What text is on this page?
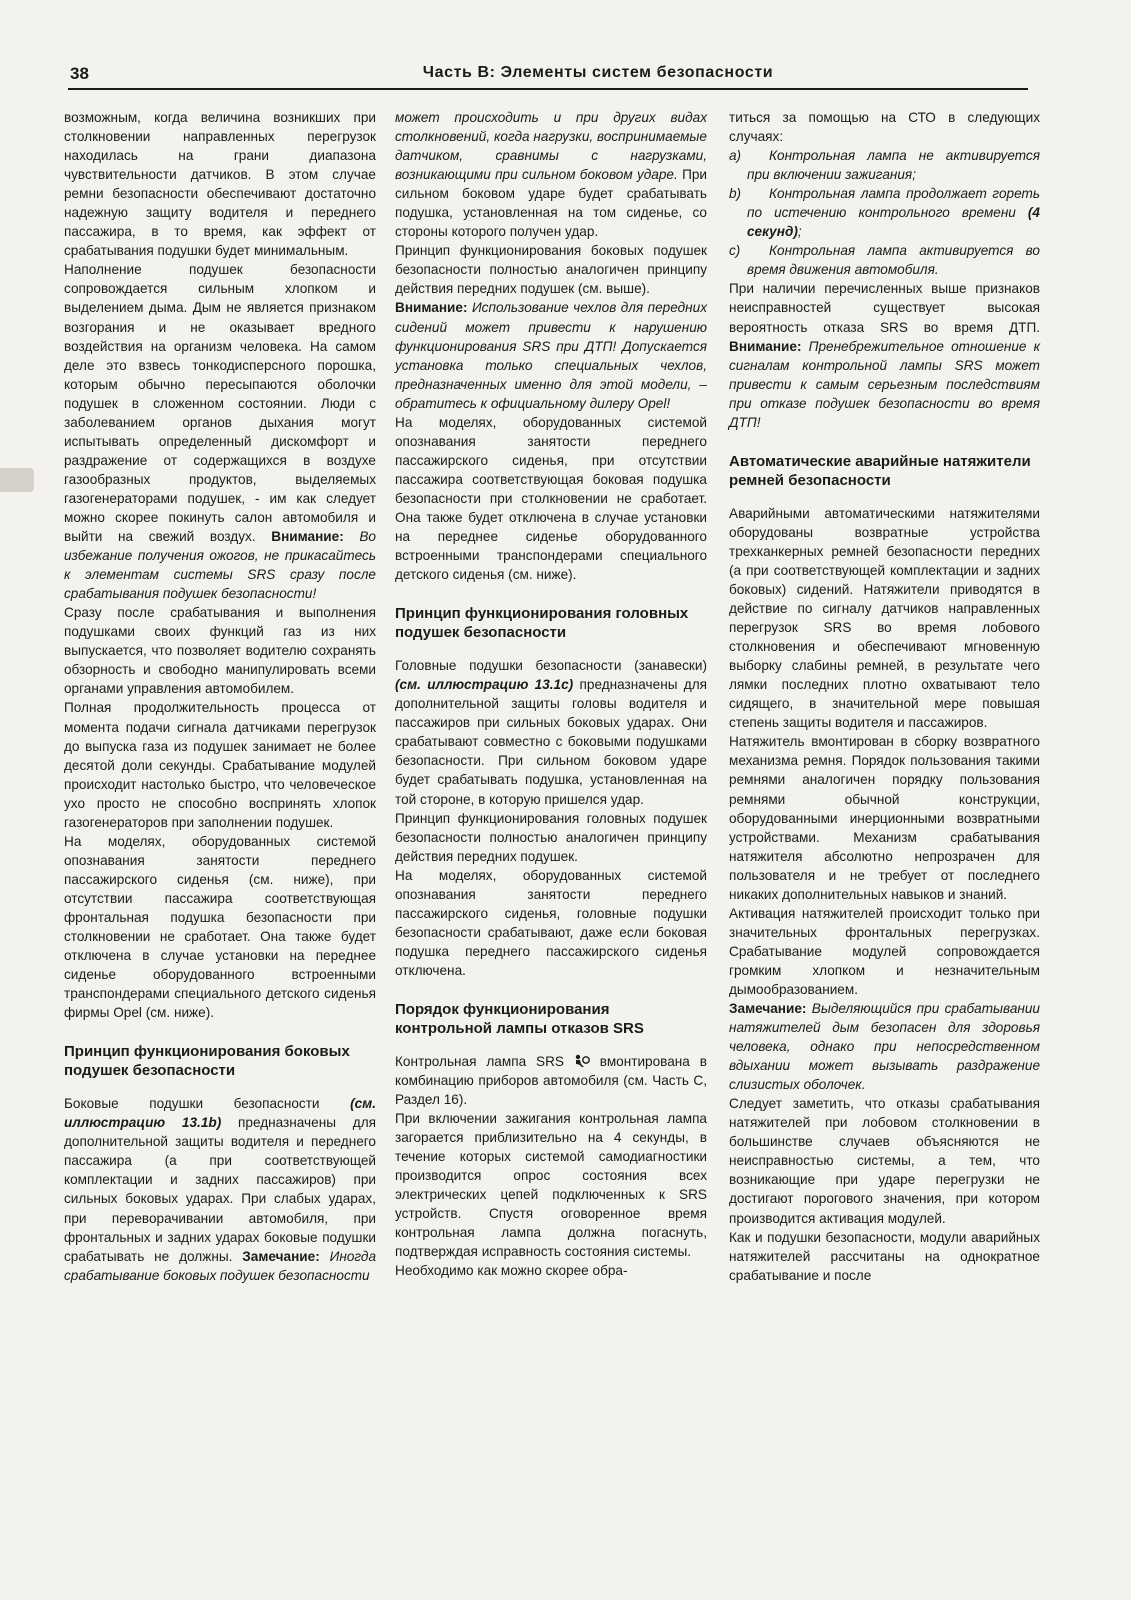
38	Часть В: Элементы систем безопасности

возможным, когда величина возникших при столкновении направленных перегрузок находилась на грани диапазона чувствительности датчиков. В этом случае ремни безопасности обеспечивают достаточно надежную защиту водителя и переднего пассажира, в то время, как эффект от срабатывания подушки будет минимальным.

Наполнение подушек безопасности сопровождается сильным хлопком и выделением дыма. Дым не является признаком возгорания и не оказывает вредного воздействия на организм человека. На самом деле это взвесь тонкодисперсного порошка, которым обычно пересыпаются оболочки подушек в сложенном состоянии. Люди с заболеванием органов дыхания могут испытывать определенный дискомфорт и раздражение от содержащихся в воздухе газообразных продуктов, выделяемых газогенераторами подушек, - им как следует можно скорее покинуть салон автомобиля и выйти на свежий воздух. Внимание: Во избежание получения ожогов, не прикасайтесь к элементам системы SRS сразу после срабатывания подушек безопасности!

Сразу после срабатывания и выполнения подушками своих функций газ из них выпускается, что позволяет водителю сохранять обзорность и свободно манипулировать всеми органами управления автомобилем.

Полная продолжительность процесса от момента подачи сигнала датчиками перегрузок до выпуска газа из подушек занимает не более десятой доли секунды. Срабатывание модулей происходит настолько быстро, что человеческое ухо просто не способно воспринять хлопок газогенераторов при заполнении подушек.

На моделях, оборудованных системой опознавания занятости переднего пассажирского сиденья (см. ниже), при отсутствии пассажира соответствующая фронтальная подушка безопасности при столкновении не сработает. Она также будет отключена в случае установки на переднее сиденье оборудованного встроенными транспондерами специального детского сиденья фирмы Opel (см. ниже).

Принцип функционирования боковых подушек безопасности

Боковые подушки безопасности (см. иллюстрацию 13.1b) предназначены для дополнительной защиты водителя и переднего пассажира (а при соответствующей комплектации и задних пассажиров) при сильных боковых ударах. При слабых ударах, при переворачивании автомобиля, при фронтальных и задних ударах боковые подушки срабатывать не должны. Замечание: Иногда срабатывание боковых подушек безопасности

может происходить и при других видах столкновений, когда нагрузки, воспринимаемые датчиком, сравнимы с нагрузками, возникающими при сильном боковом ударе. При сильном боковом ударе будет срабатывать подушка, установленная на том сиденье, со стороны которого получен удар.

Принцип функционирования боковых подушек безопасности полностью аналогичен принципу действия передних подушек (см. выше).

Внимание: Использование чехлов для передних сидений может привести к нарушению функционирования SRS при ДТП! Допускается установка только специальных чехлов, предназначенных именно для этой модели, – обратитесь к официальному дилеру Opel!

На моделях, оборудованных системой опознавания занятости переднего пассажирского сиденья, при отсутствии пассажира соответствующая боковая подушка безопасности при столкновении не сработает. Она также будет отключена в случае установки на переднее сиденье оборудованного встроенными транспондерами специального детского сиденья (см. ниже).

Принцип функционирования головных подушек безопасности

Головные подушки безопасности (занавески) (см. иллюстрацию 13.1с) предназначены для дополнительной защиты головы водителя и пассажиров при сильных боковых ударах. Они срабатывают совместно с боковыми подушками безопасности. При сильном боковом ударе будет срабатывать подушка, установленная на той стороне, в которую пришелся удар.

Принцип функционирования головных подушек безопасности полностью аналогичен принципу действия передних подушек.

На моделях, оборудованных системой опознавания занятости переднего пассажирского сиденья, головные подушки безопасности срабатывают, даже если боковая подушка переднего пассажирского сиденья отключена.

Порядок функционирования контрольной лампы отказов SRS

Контрольная лампа SRS	вмонтирована в комбинацию приборов автомобиля (см. Часть С, Раздел 16).

При включении зажигания контрольная лампа загорается приблизительно на 4 секунды, в течение которых системой самодиагностики производится опрос состояния всех электрических цепей подключенных к SRS устройств. Спустя оговоренное время контрольная лампа должна погаснуть, подтверждая исправность состояния системы.

Необходимо как можно скорее обра-

титься за помощью на СТО в следующих случаях:

а) Контрольная лампа не активируется при включении зажигания;

b) Контрольная лампа продолжает гореть по истечению контрольного времени (4 секунд);

с) Контрольная лампа активируется во время движения автомобиля.

При наличии перечисленных выше признаков неисправностей существует высокая вероятность отказа SRS во время ДТП. Внимание: Пренебрежительное отношение к сигналам контрольной лампы SRS может привести к самым серьезным последствиям при отказе подушек безопасности во время ДТП!

Автоматические аварийные натяжители ремней безопасности

Аварийными автоматическими натяжителями оборудованы возвратные устройства трехканкерных ремней безопасности передних (а при соответствующей комплектации и задних боковых) сидений. Натяжители приводятся в действие по сигналу датчиков направленных перегрузок SRS во время лобового столкновения и обеспечивают мгновенную выборку слабины ремней, в результате чего лямки последних плотно охватывают тело сидящего, в значительной мере повышая степень защиты водителя и пассажиров.

Натяжитель вмонтирован в сборку возвратного механизма ремня. Порядок пользования такими ремнями аналогичен порядку пользования ремнями обычной конструкции, оборудованными инерционными возвратными устройствами. Механизм срабатывания натяжителя абсолютно непрозрачен для пользователя и не требует от последнего никаких дополнительных навыков и знаний.

Активация натяжителей происходит только при значительных фронтальных перегрузках. Срабатывание модулей сопровождается громким хлопком и незначительным дымообразованием.

Замечание: Выделяющийся при срабатывании натяжителей дым безопасен для здоровья человека, однако при непосредственном вдыхании может вызывать раздражение слизистых оболочек.

Следует заметить, что отказы срабатывания натяжителей при лобовом столкновении в большинстве случаев объясняются не неисправностью системы, а тем, что возникающие при ударе перегрузки не достигают порогового значения, при котором производится активация модулей.

Как и подушки безопасности, модули аварийных натяжителей рассчитаны на однократное срабатывание и после
